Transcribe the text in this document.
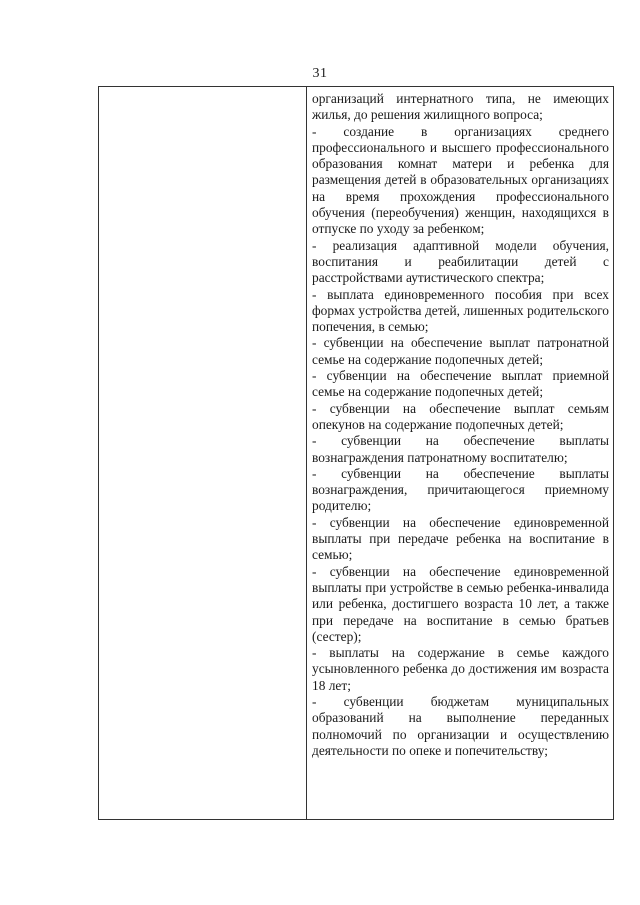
31

организаций интернатного типа, не имеющих жилья, до решения жилищного вопроса;

- создание в организациях среднего профессионального и высшего профессионального образования комнат матери и ребенка для размещения детей в образовательных организациях на время прохождения профессионального обучения (переобучения) женщин, находящихся в отпуске по уходу за ребенком;

- реализация адаптивной модели обучения, воспитания и реабилитации детей с расстройствами аутистического спектра;

- выплата единовременного пособия при всех формах устройства детей, лишенных родительского попечения, в семью;

- субвенции на обеспечение выплат патронатной семье на содержание подопечных детей;

- субвенции на обеспечение выплат приемной семье на содержание подопечных детей;

- субвенции на обеспечение выплат семьям опекунов на содержание подопечных детей;

- субвенции на обеспечение выплаты вознаграждения патронатному воспитателю;

- субвенции на обеспечение выплаты вознаграждения, причитающегося приемному родителю;

- субвенции на обеспечение единовременной выплаты при передаче ребенка на воспитание в семью;

- субвенции на обеспечение единовременной выплаты при устройстве в семью ребенка-инвалида или ребенка, достигшего возраста 10 лет, а также при передаче на воспитание в семью братьев (сестер);

- выплаты на содержание в семье каждого усыновленного ребенка до достижения им возраста 18 лет;

- субвенции бюджетам муниципальных образований на выполнение переданных полномочий по организации и осуществлению деятельности по опеке и попечительству;
